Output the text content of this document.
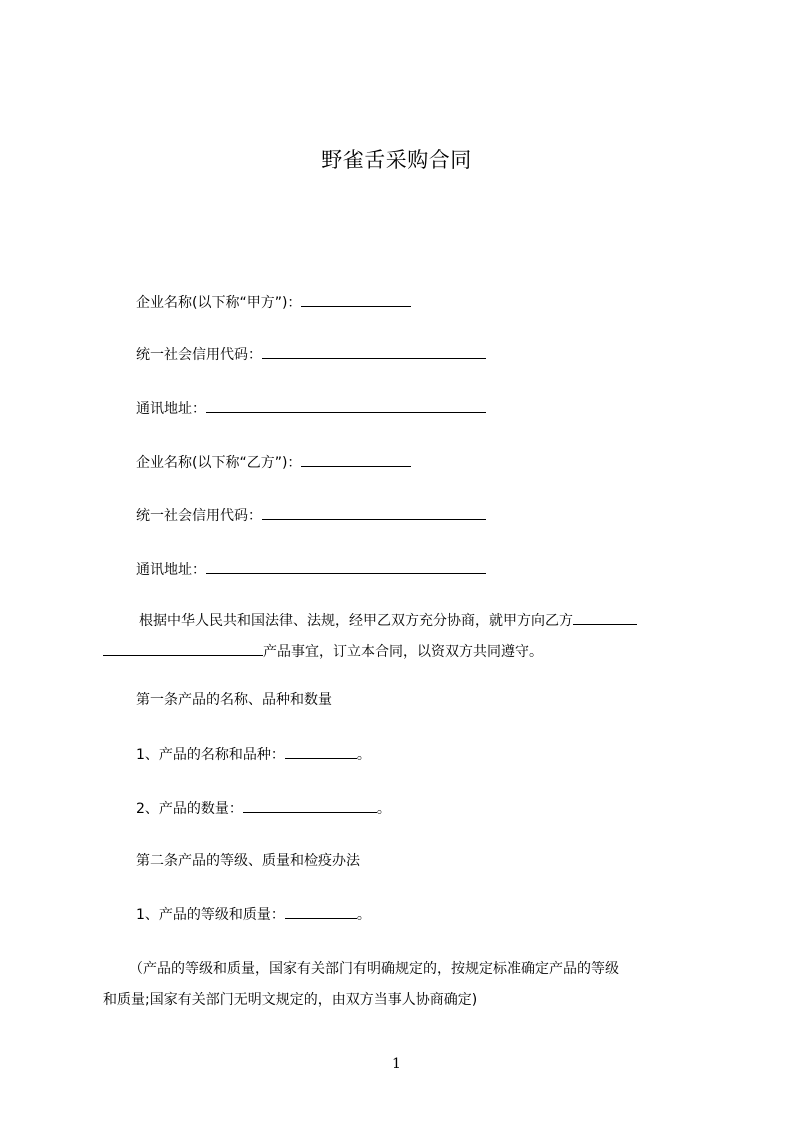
野雀舌采购合同
企业名称(以下称“甲方”)：
统一社会信用代码：
通讯地址：
企业名称(以下称“乙方”)：
统一社会信用代码：
通讯地址：
根据中华人民共和国法律、法规，经甲乙双方充分协商，就甲方向乙方
产品事宜，订立本合同，以资双方共同遵守。
第一条产品的名称、品种和数量
1、产品的名称和品种：	。
2、产品的数量：	。
第二条产品的等级、质量和检疫办法
1、产品的等级和质量：	。
（产品的等级和质量，国家有关部门有明确规定的，按规定标准确定产品的等级
和质量;国家有关部门无明文规定的，由双方当事人协商确定)
1
